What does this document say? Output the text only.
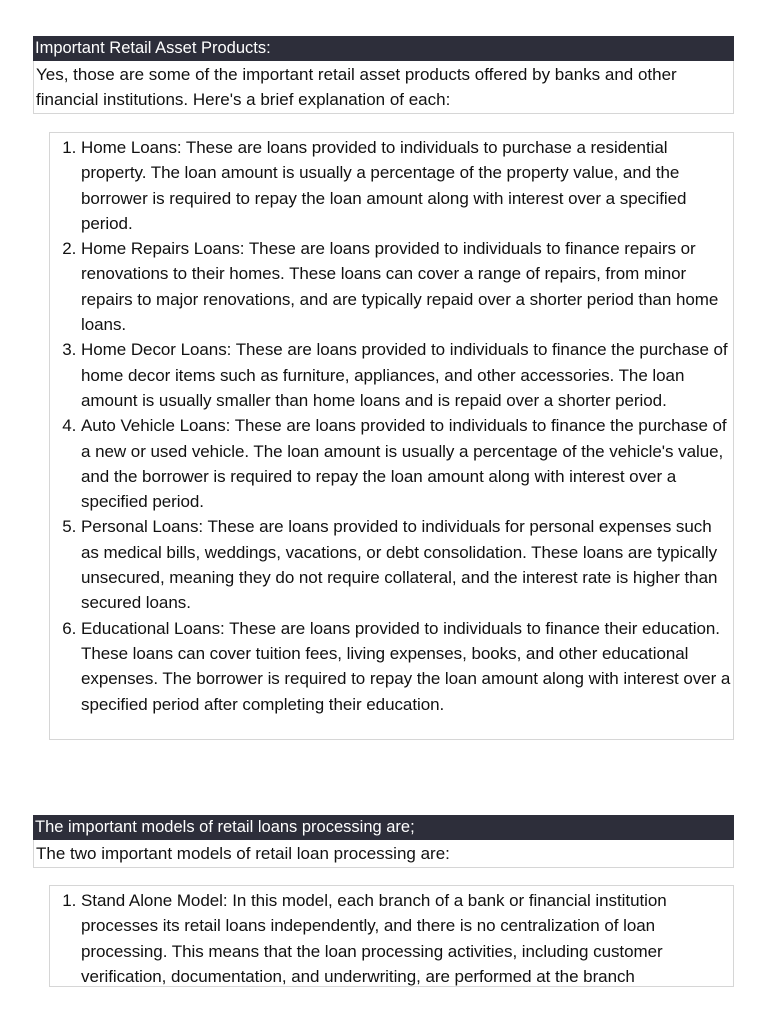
Important Retail Asset Products:
Yes, those are some of the important retail asset products offered by banks and other financial institutions. Here's a brief explanation of each:
1. Home Loans: These are loans provided to individuals to purchase a residential property. The loan amount is usually a percentage of the property value, and the borrower is required to repay the loan amount along with interest over a specified period.
2. Home Repairs Loans: These are loans provided to individuals to finance repairs or renovations to their homes. These loans can cover a range of repairs, from minor repairs to major renovations, and are typically repaid over a shorter period than home loans.
3. Home Decor Loans: These are loans provided to individuals to finance the purchase of home decor items such as furniture, appliances, and other accessories. The loan amount is usually smaller than home loans and is repaid over a shorter period.
4. Auto Vehicle Loans: These are loans provided to individuals to finance the purchase of a new or used vehicle. The loan amount is usually a percentage of the vehicle's value, and the borrower is required to repay the loan amount along with interest over a specified period.
5. Personal Loans: These are loans provided to individuals for personal expenses such as medical bills, weddings, vacations, or debt consolidation. These loans are typically unsecured, meaning they do not require collateral, and the interest rate is higher than secured loans.
6. Educational Loans: These are loans provided to individuals to finance their education. These loans can cover tuition fees, living expenses, books, and other educational expenses. The borrower is required to repay the loan amount along with interest over a specified period after completing their education.
The important models of retail loans processing are;
The two important models of retail loan processing are:
1. Stand Alone Model: In this model, each branch of a bank or financial institution processes its retail loans independently, and there is no centralization of loan processing. This means that the loan processing activities, including customer verification, documentation, and underwriting, are performed at the branch
